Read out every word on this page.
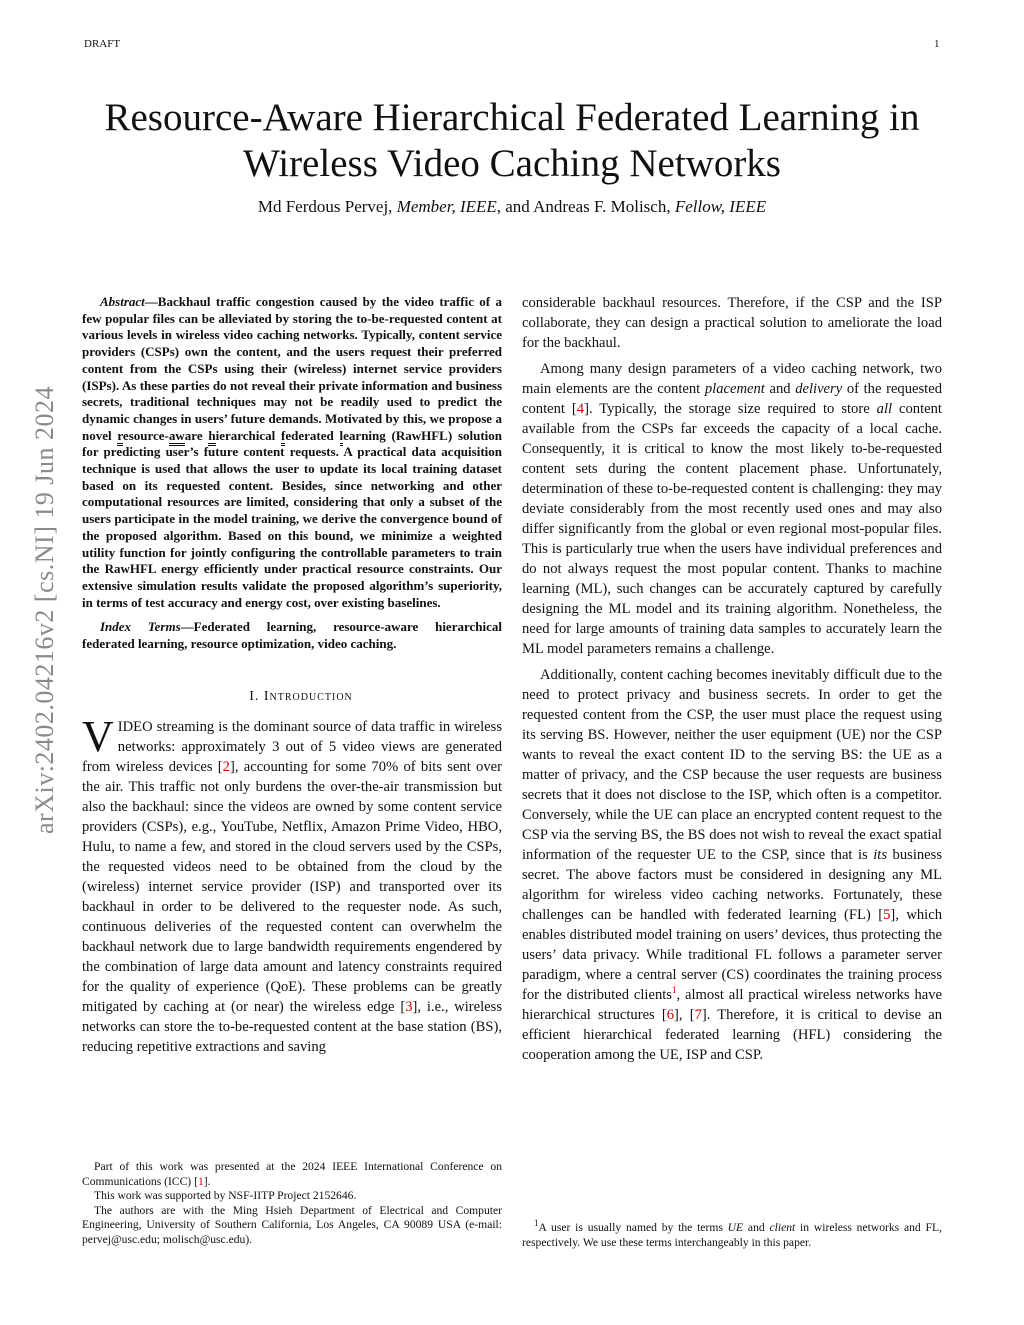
DRAFT	1
arXiv:2402.04216v2 [cs.NI] 19 Jun 2024
Resource-Aware Hierarchical Federated Learning in Wireless Video Caching Networks
Md Ferdous Pervej, Member, IEEE, and Andreas F. Molisch, Fellow, IEEE

Abstract—Backhaul traffic congestion caused by the video traffic of a few popular files can be alleviated by storing the to-be-requested content at various levels in wireless video caching networks. Typically, content service providers (CSPs) own the content, and the users request their preferred content from the CSPs using their (wireless) internet service providers (ISPs). As these parties do not reveal their private information and business secrets, traditional techniques may not be readily used to predict the dynamic changes in users’ future demands. Motivated by this, we propose a novel resource-aware hierarchical federated learning (RawHFL) solution for predicting user’s future content requests. A practical data acquisition technique is used that allows the user to update its local training dataset based on its requested content. Besides, since networking and other computational resources are limited, considering that only a subset of the users participate in the model training, we derive the convergence bound of the proposed algorithm. Based on this bound, we minimize a weighted utility function for jointly configuring the controllable parameters to train the RawHFL energy efficiently under practical resource constraints. Our extensive simulation results validate the proposed algorithm’s superiority, in terms of test accuracy and energy cost, over existing baselines.

Index Terms—Federated learning, resource-aware hierarchical federated learning, resource optimization, video caching.

I. Introduction

VIDEO streaming is the dominant source of data traffic in wireless networks: approximately 3 out of 5 video views are generated from wireless devices [2], accounting for some 70% of bits sent over the air. This traffic not only burdens the over-the-air transmission but also the backhaul: since the videos are owned by some content service providers (CSPs), e.g., YouTube, Netflix, Amazon Prime Video, HBO, Hulu, to name a few, and stored in the cloud servers used by the CSPs, the requested videos need to be obtained from the cloud by the (wireless) internet service provider (ISP) and transported over its backhaul in order to be delivered to the requester node. As such, continuous deliveries of the requested content can overwhelm the backhaul network due to large bandwidth requirements engendered by the combination of large data amount and latency constraints required for the quality of experience (QoE). These problems can be greatly mitigated by caching at (or near) the wireless edge [3], i.e., wireless networks can store the to-be-requested content at the base station (BS), reducing repetitive extractions and saving

Part of this work was presented at the 2024 IEEE International Conference on Communications (ICC) [1].

This work was supported by NSF-IITP Project 2152646.

The authors are with the Ming Hsieh Department of Electrical and Computer Engineering, University of Southern California, Los Angeles, CA 90089 USA (e-mail: pervej@usc.edu; molisch@usc.edu).

considerable backhaul resources. Therefore, if the CSP and the ISP collaborate, they can design a practical solution to ameliorate the load for the backhaul.

Among many design parameters of a video caching network, two main elements are the content placement and delivery of the requested content [4]. Typically, the storage size required to store all content available from the CSPs far exceeds the capacity of a local cache. Consequently, it is critical to know the most likely to-be-requested content sets during the content placement phase. Unfortunately, determination of these to-be-requested content is challenging: they may deviate considerably from the most recently used ones and may also differ significantly from the global or even regional most-popular files. This is particularly true when the users have individual preferences and do not always request the most popular content. Thanks to machine learning (ML), such changes can be accurately captured by carefully designing the ML model and its training algorithm. Nonetheless, the need for large amounts of training data samples to accurately learn the ML model parameters remains a challenge.

Additionally, content caching becomes inevitably difficult due to the need to protect privacy and business secrets. In order to get the requested content from the CSP, the user must place the request using its serving BS. However, neither the user equipment (UE) nor the CSP wants to reveal the exact content ID to the serving BS: the UE as a matter of privacy, and the CSP because the user requests are business secrets that it does not disclose to the ISP, which often is a competitor. Conversely, while the UE can place an encrypted content request to the CSP via the serving BS, the BS does not wish to reveal the exact spatial information of the requester UE to the CSP, since that is its business secret. The above factors must be considered in designing any ML algorithm for wireless video caching networks. Fortunately, these challenges can be handled with federated learning (FL) [5], which enables distributed model training on users’ devices, thus protecting the users’ data privacy. While traditional FL follows a parameter server paradigm, where a central server (CS) coordinates the training process for the distributed clients$^1$, almost all practical wireless networks have hierarchical structures [6], [7]. Therefore, it is critical to devise an efficient hierarchical federated learning (HFL) considering the cooperation among the UE, ISP and CSP.

$^1$A user is usually named by the terms UE and client in wireless networks and FL, respectively. We use these terms interchangeably in this paper.
